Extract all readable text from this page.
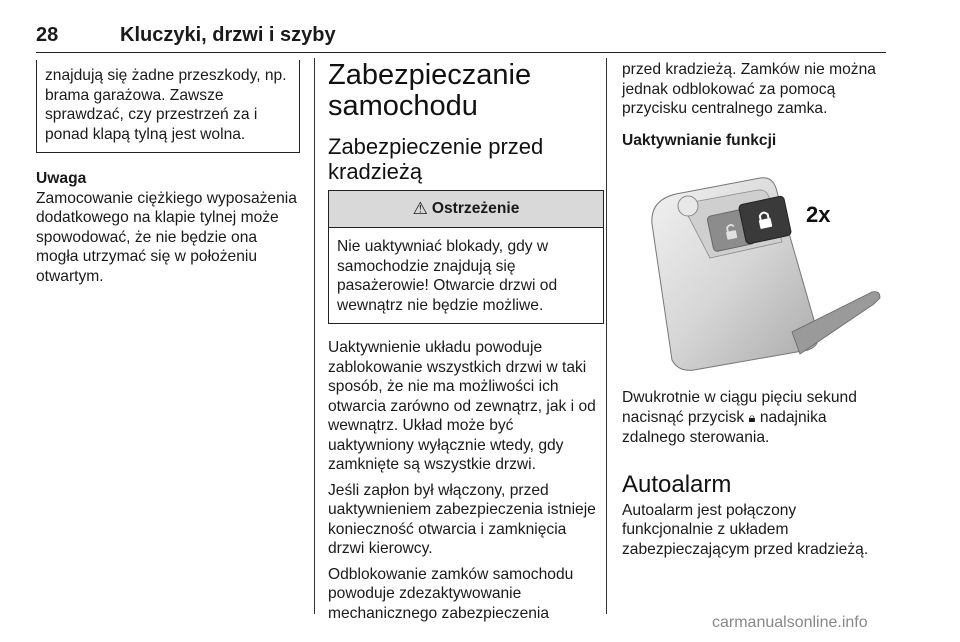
28	Kluczyki, drzwi i szyby

znajdują się żadne przeszkody, np. brama garażowa. Zawsze sprawdzać, czy przestrzeń za i ponad klapą tylną jest wolna.

Uwaga

Zamocowanie ciężkiego wyposażenia dodatkowego na klapie tylnej może spowodować, że nie będzie ona mogła utrzymać się w położeniu otwartym.

Zabezpieczanie samochodu
Zabezpieczenie przed kradzieżą
⚠ Ostrzeżenie

Nie uaktywniać blokady, gdy w samochodzie znajdują się pasażerowie! Otwarcie drzwi od wewnątrz nie będzie możliwe.

Uaktywnienie układu powoduje zablokowanie wszystkich drzwi w taki sposób, że nie ma możliwości ich otwarcia zarówno od zewnątrz, jak i od wewnątrz. Układ może być uaktywniony wyłącznie wtedy, gdy zamknięte są wszystkie drzwi.

Jeśli zapłon był włączony, przed uaktywnieniem zabezpieczenia istnieje konieczność otwarcia i zamknięcia drzwi kierowcy.

Odblokowanie zamków samochodu powoduje zdezaktywowanie mechanicznego zabezpieczenia

przed kradzieżą. Zamków nie można jednak odblokować za pomocą przycisku centralnego zamka.

Uaktywnianie funkcji
2x

Dwukrotnie w ciągu pięciu sekund nacisnąć przycisk 🔒︎ nadajnika zdalnego sterowania.

Autoalarm

Autoalarm jest połączony funkcjonalnie z układem zabezpieczającym przed kradzieżą.

carmanualsonline.info
